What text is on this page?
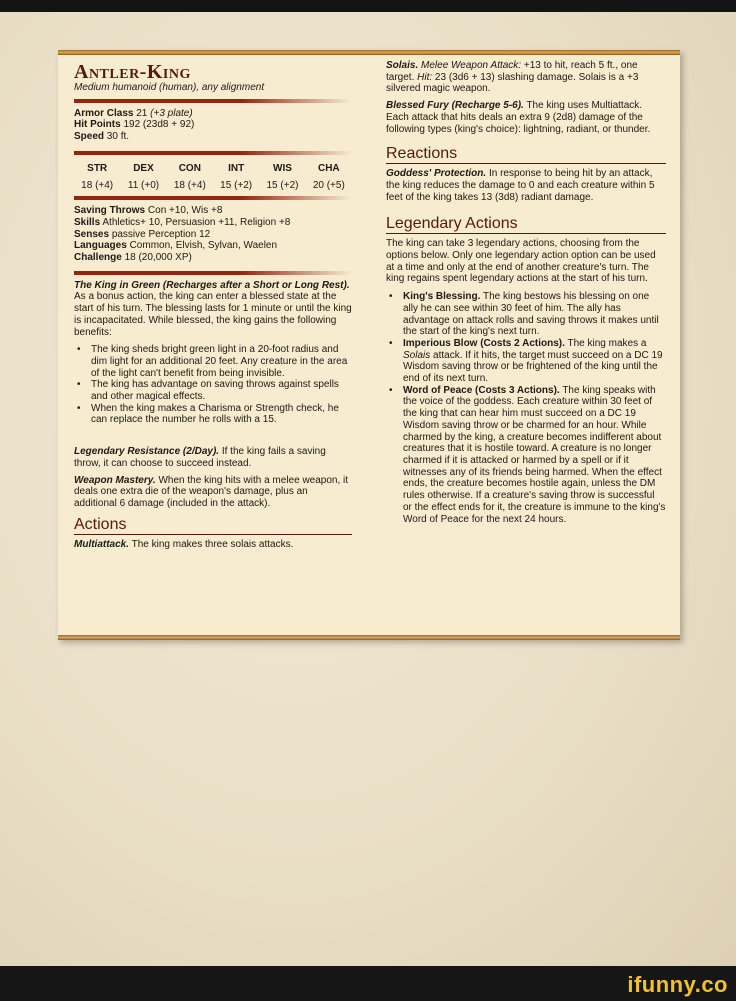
Antler-King
Medium humanoid (human), any alignment
Armor Class 21 (+3 plate)
Hit Points 192 (23d8 + 92)
Speed 30 ft.
STR	DEX	CON	INT	WIS	CHA
18 (+4)	11 (+0)	18 (+4)	15 (+2)	15 (+2)	20 (+5)
Saving Throws Con +10, Wis +8
Skills Athletics+ 10, Persuasion +11, Religion +8
Senses passive Perception 12
Languages Common, Elvish, Sylvan, Waelen
Challenge 18 (20,000 XP)
The King in Green (Recharges after a Short or Long Rest).
As a bonus action, the king can enter a blessed state at the start of his turn. The blessing lasts for 1 minute or until the king is incapacitated. While blessed, the king gains the following benefits:
• The king sheds bright green light in a 20-foot radius and dim light for an additional 20 feet. Any creature in the area of the light can't benefit from being invisible.
• The king has advantage on saving throws against spells and other magical effects.
• When the king makes a Charisma or Strength check, he can replace the number he rolls with a 15.

Legendary Resistance (2/Day). If the king fails a saving throw, it can choose to succeed instead.

Weapon Mastery. When the king hits with a melee weapon, it deals one extra die of the weapon's damage, plus an additional 6 damage (included in the attack).

Actions

Multiattack. The king makes three solais attacks.

Solais. Melee Weapon Attack: +13 to hit, reach 5 ft., one target. Hit: 23 (3d6 + 13) slashing damage. Solais is a +3 silvered magic weapon.

Blessed Fury (Recharge 5-6). The king uses Multiattack. Each attack that hits deals an extra 9 (2d8) damage of the following types (king's choice): lightning, radiant, or thunder.

Reactions

Goddess' Protection. In response to being hit by an attack, the king reduces the damage to 0 and each creature within 5 feet of the king takes 13 (3d8) radiant damage.

Legendary Actions

The king can take 3 legendary actions, choosing from the options below. Only one legendary action option can be used at a time and only at the end of another creature's turn. The king regains spent legendary actions at the start of his turn.

• King's Blessing. The king bestows his blessing on one ally he can see within 30 feet of him. The ally has advantage on attack rolls and saving throws it makes until the start of the king's next turn.
• Imperious Blow (Costs 2 Actions). The king makes a Solais attack. If it hits, the target must succeed on a DC 19 Wisdom saving throw or be frightened of the king until the end of its next turn.
• Word of Peace (Costs 3 Actions). The king speaks with the voice of the goddess. Each creature within 30 feet of the king that can hear him must succeed on a DC 19 Wisdom saving throw or be charmed for an hour. While charmed by the king, a creature becomes indifferent about creatures that it is hostile toward. A creature is no longer charmed if it is attacked or harmed by a spell or if it witnesses any of its friends being harmed. When the effect ends, the creature becomes hostile again, unless the DM rules otherwise. If a creature's saving throw is successful or the effect ends for it, the creature is immune to the king's Word of Peace for the next 24 hours.
ifunny.co
